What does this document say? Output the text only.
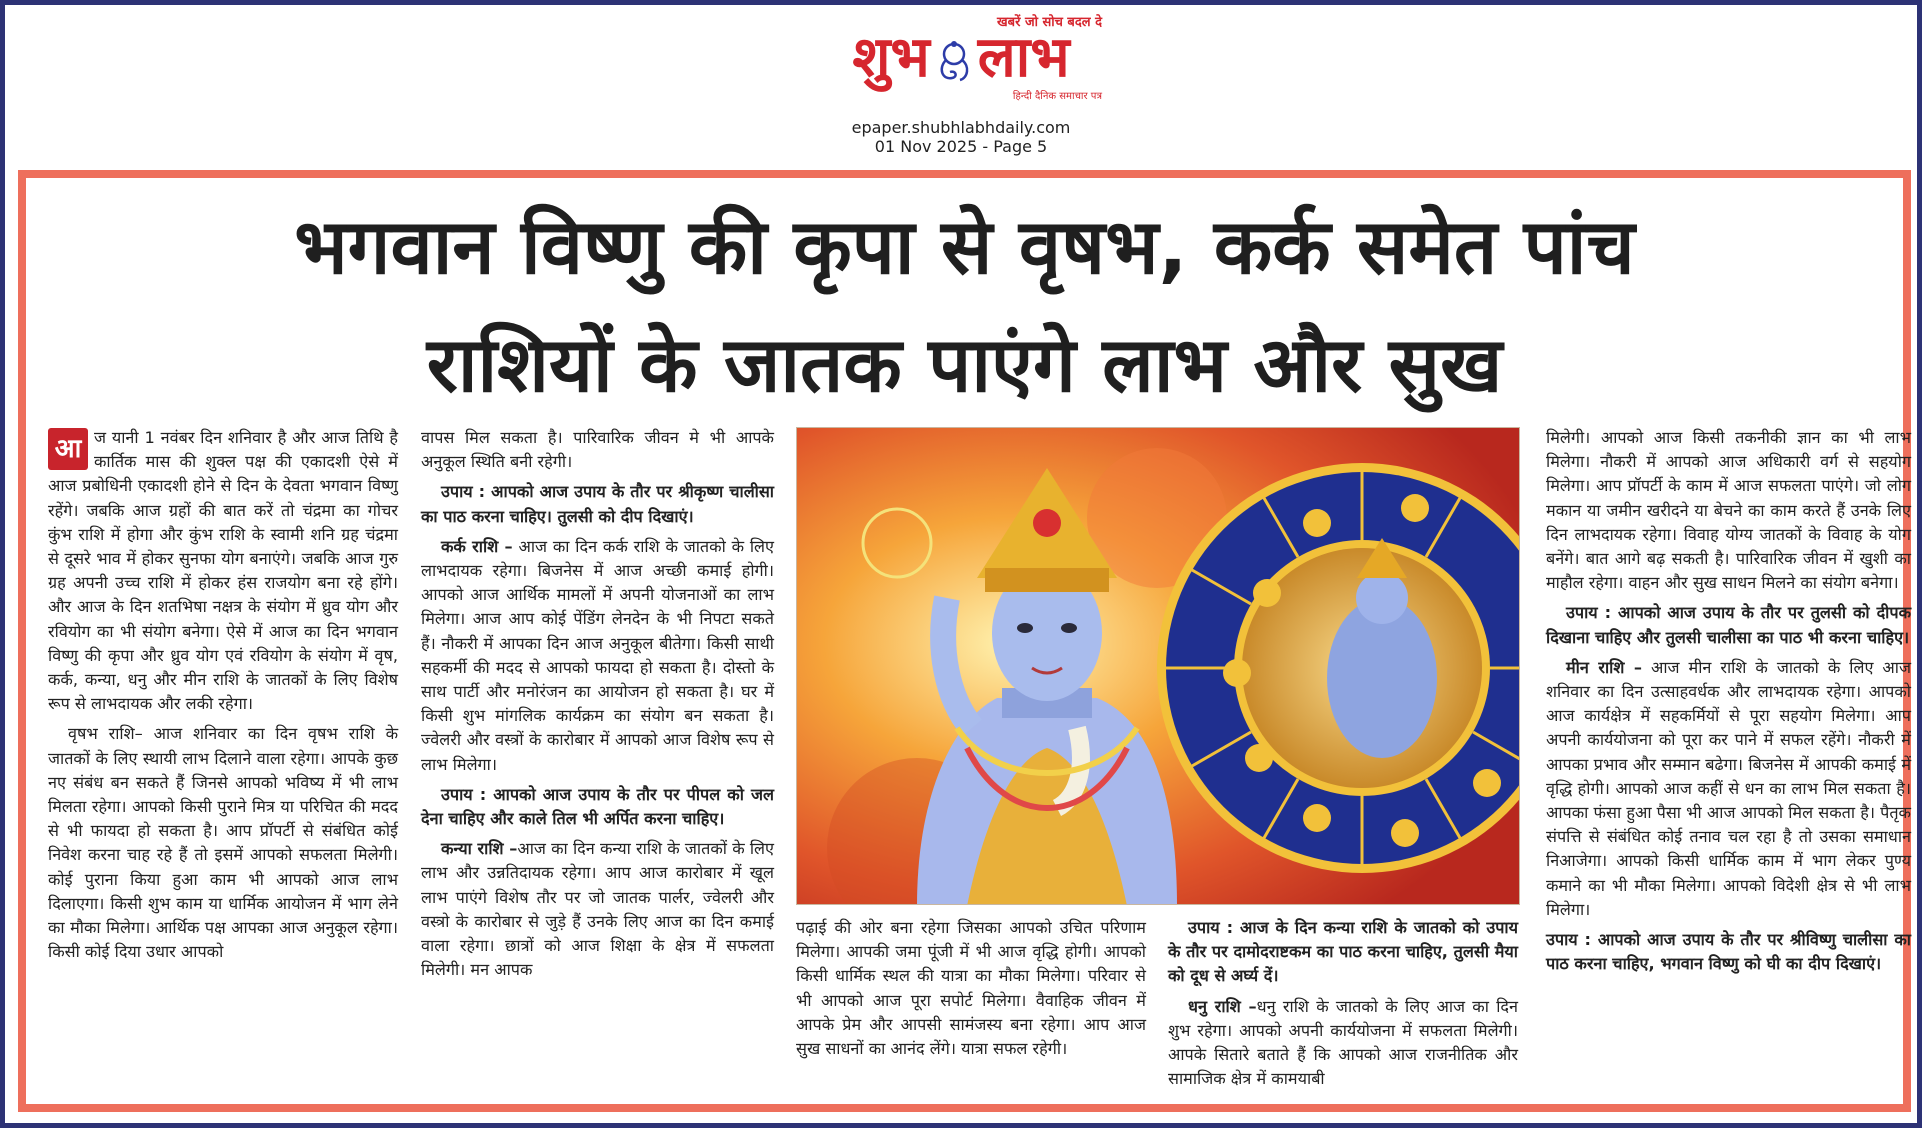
खबरें जो सोच बदल दे
शुभ लाभ
हिन्दी दैनिक समाचार पत्र
epaper.shubhlabhdaily.com
01 Nov 2025 - Page 5
भगवान विष्णु की कृपा से वृषभ, कर्क समेत पांच
राशियों के जातक पाएंगे लाभ और सुख

आ ज यानी 1 नवंबर दिन शनिवार है और आज तिथि है कार्तिक मास की शुक्ल पक्ष की एकादशी ऐसे में आज प्रबोधिनी एकादशी होने से दिन के देवता भगवान विष्णु रहेंगे। जबकि आज ग्रहों की बात करें तो चंद्रमा का गोचर कुंभ राशि में होगा और कुंभ राशि के स्वामी शनि ग्रह चंद्रमा से दूसरे भाव में होकर सुनफा योग बनाएंगे। जबकि आज गुरु ग्रह अपनी उच्च राशि में होकर हंस राजयोग बना रहे होंगे। और आज के दिन शतभिषा नक्षत्र के संयोग में ध्रुव योग और रवियोग का भी संयोग बनेगा। ऐसे में आज का दिन भगवान विष्णु की कृपा और ध्रुव योग एवं रवियोग के संयोग में वृष, कर्क, कन्या, धनु और मीन राशि के जातकों के लिए विशेष रूप से लाभदायक और लकी रहेगा।

वृषभ राशि– आज शनिवार का दिन वृषभ राशि के जातकों के लिए स्थायी लाभ दिलाने वाला रहेगा। आपके कुछ नए संबंध बन सकते हैं जिनसे आपको भविष्य में भी लाभ मिलता रहेगा। आपको किसी पुराने मित्र या परिचित की मदद से भी फायदा हो सकता है। आप प्रॉपर्टी से संबंधित कोई निवेश करना चाह रहे हैं तो इसमें आपको सफलता मिलेगी। कोई पुराना किया हुआ काम भी आपको आज लाभ दिलाएगा। किसी शुभ काम या धार्मिक आयोजन में भाग लेने का मौका मिलेगा। आर्थिक पक्ष आपका आज अनुकूल रहेगा। किसी कोई दिया उधार आपको

वापस मिल सकता है। पारिवारिक जीवन मे भी आपके अनुकूल स्थिति बनी रहेगी।

उपाय : आपको आज उपाय के तौर पर श्रीकृष्ण चालीसा का पाठ करना चाहिए। तुलसी को दीप दिखाएं।

कर्क राशि – आज का दिन कर्क राशि के जातको के लिए लाभदायक रहेगा। बिजनेस में आज अच्छी कमाई होगी। आपको आज आर्थिक मामलों में अपनी योजनाओं का लाभ मिलेगा। आज आप कोई पेंडिंग लेनदेन के भी निपटा सकते हैं। नौकरी में आपका दिन आज अनुकूल बीतेगा। किसी साथी सहकर्मी की मदद से आपको फायदा हो सकता है। दोस्तो के साथ पार्टी और मनोरंजन का आयोजन हो सकता है। घर में किसी शुभ मांगलिक कार्यक्रम का संयोग बन सकता है। ज्वेलरी और वस्त्रों के कारोबार में आपको आज विशेष रूप से लाभ मिलेगा।

उपाय : आपको आज उपाय के तौर पर पीपल को जल देना चाहिए और काले तिल भी अर्पित करना चाहिए।

कन्या राशि –आज का दिन कन्या राशि के जातकों के लिए लाभ और उन्नतिदायक रहेगा। आप आज कारोबार में खूल लाभ पाएंगे विशेष तौर पर जो जातक पार्लर, ज्वेलरी और वस्त्रो के कारोबार से जुड़े हैं उनके लिए आज का दिन कमाई वाला रहेगा। छात्रों को आज शिक्षा के क्षेत्र में सफलता मिलेगी। मन आपक

पढ़ाई की ओर बना रहेगा जिसका आपको उचित परिणाम मिलेगा। आपकी जमा पूंजी में भी आज वृद्धि होगी। आपको किसी धार्मिक स्थल की यात्रा का मौका मिलेगा। परिवार से भी आपको आज पूरा सपोर्ट मिलेगा। वैवाहिक जीवन में आपके प्रेम और आपसी सामंजस्य बना रहेगा। आप आज सुख साधनों का आनंद लेंगे। यात्रा सफल रहेगी।

उपाय : आज के दिन कन्या राशि के जातको को उपाय के तौर पर दामोदराष्टकम का पाठ करना चाहिए, तुलसी मैया को दूध से अर्घ्य दें।

धनु राशि –धनु राशि के जातको के लिए आज का दिन शुभ रहेगा। आपको अपनी कार्ययोजना में सफलता मिलेगी। आपके सितारे बताते हैं कि आपको आज राजनीतिक और सामाजिक क्षेत्र में कामयाबी

मिलेगी। आपको आज किसी तकनीकी ज्ञान का भी लाभ मिलेगा। नौकरी में आपको आज अधिकारी वर्ग से सहयोग मिलेगा। आप प्रॉपर्टी के काम में आज सफलता पाएंगे। जो लोग मकान या जमीन खरीदने या बेचने का काम करते हैं उनके लिए दिन लाभदायक रहेगा। विवाह योग्य जातकों के विवाह के योग बनेंगे। बात आगे बढ़ सकती है। पारिवारिक जीवन में खुशी का माहौल रहेगा। वाहन और सुख साधन मिलने का संयोग बनेगा।

उपाय : आपको आज उपाय के तौर पर तुलसी को दीपक दिखाना चाहिए और तुलसी चालीसा का पाठ भी करना चाहिए।

मीन राशि – आज मीन राशि के जातको के लिए आज शनिवार का दिन उत्साहवर्धक और लाभदायक रहेगा। आपको आज कार्यक्षेत्र में सहकर्मियों से पूरा सहयोग मिलेगा। आप अपनी कार्ययोजना को पूरा कर पाने में सफल रहेंगे। नौकरी में आपका प्रभाव और सम्मान बढेगा। बिजनेस में आपकी कमाई में वृद्धि होगी। आपको आज कहीं से धन का लाभ मिल सकता है। आपका फंसा हुआ पैसा भी आज आपको मिल सकता है। पैतृक संपत्ति से संबंधित कोई तनाव चल रहा है तो उसका समाधान निआजेगा। आपको किसी धार्मिक काम में भाग लेकर पुण्य कमाने का भी मौका मिलेगा। आपको विदेशी क्षेत्र से भी लाभ मिलेगा।

उपाय : आपको आज उपाय के तौर पर श्रीविष्णु चालीसा का पाठ करना चाहिए, भगवान विष्णु को घी का दीप दिखाएं।
